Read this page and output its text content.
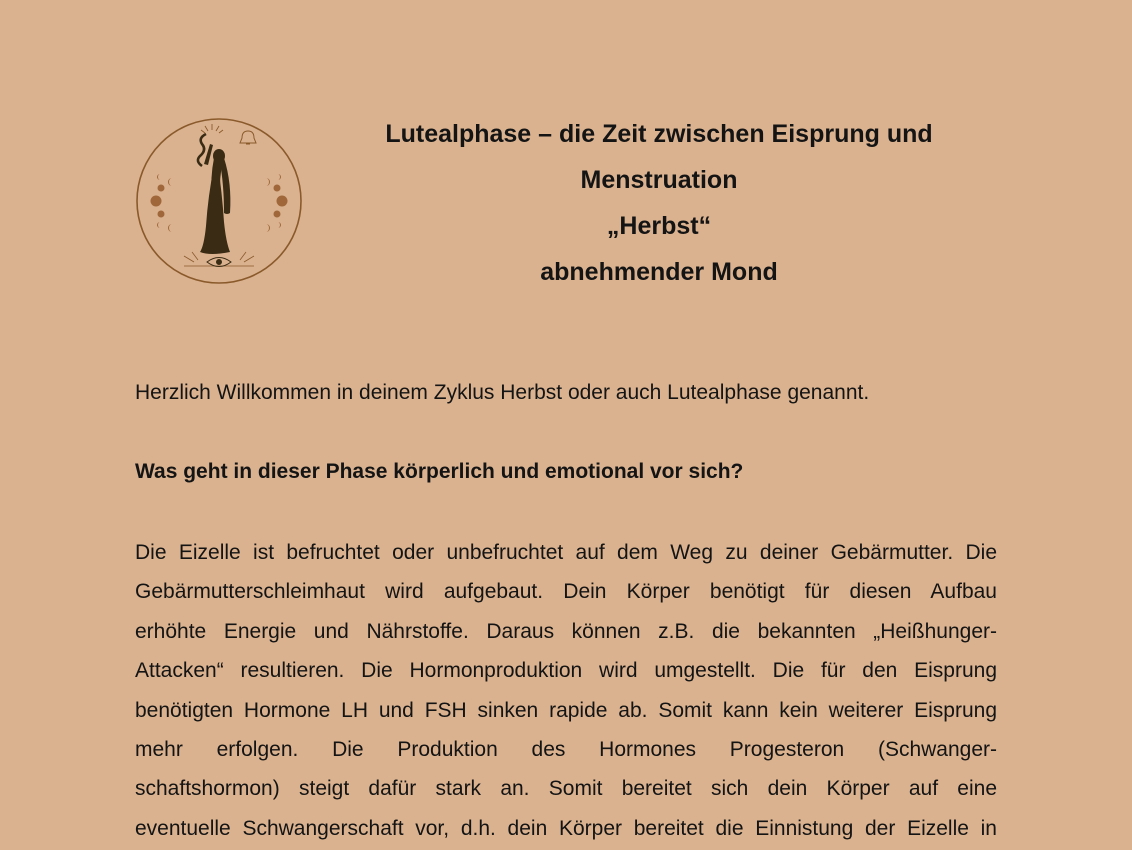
Lutealphase – die Zeit zwischen Eisprung und
Menstruation
„Herbst“
abnehmender Mond
Herzlich Willkommen in deinem Zyklus Herbst oder auch Lutealphase genannt.
Was geht in dieser Phase körperlich und emotional vor sich?
Die Eizelle ist befruchtet oder unbefruchtet auf dem Weg zu deiner Gebärmutter. Die
Gebärmutterschleimhaut wird aufgebaut. Dein Körper benötigt für diesen Aufbau
erhöhte Energie und Nährstoffe. Daraus können z.B. die bekannten „Heißhunger-
Attacken“ resultieren. Die Hormonproduktion wird umgestellt. Die für den Eisprung
benötigten Hormone LH und FSH sinken rapide ab. Somit kann kein weiterer Eisprung
mehr erfolgen. Die Produktion des Hormones Progesteron (Schwanger-
schaftshormon) steigt dafür stark an. Somit bereitet sich dein Körper auf eine
eventuelle Schwangerschaft vor, d.h. dein Körper bereitet die Einnistung der Eizelle in
